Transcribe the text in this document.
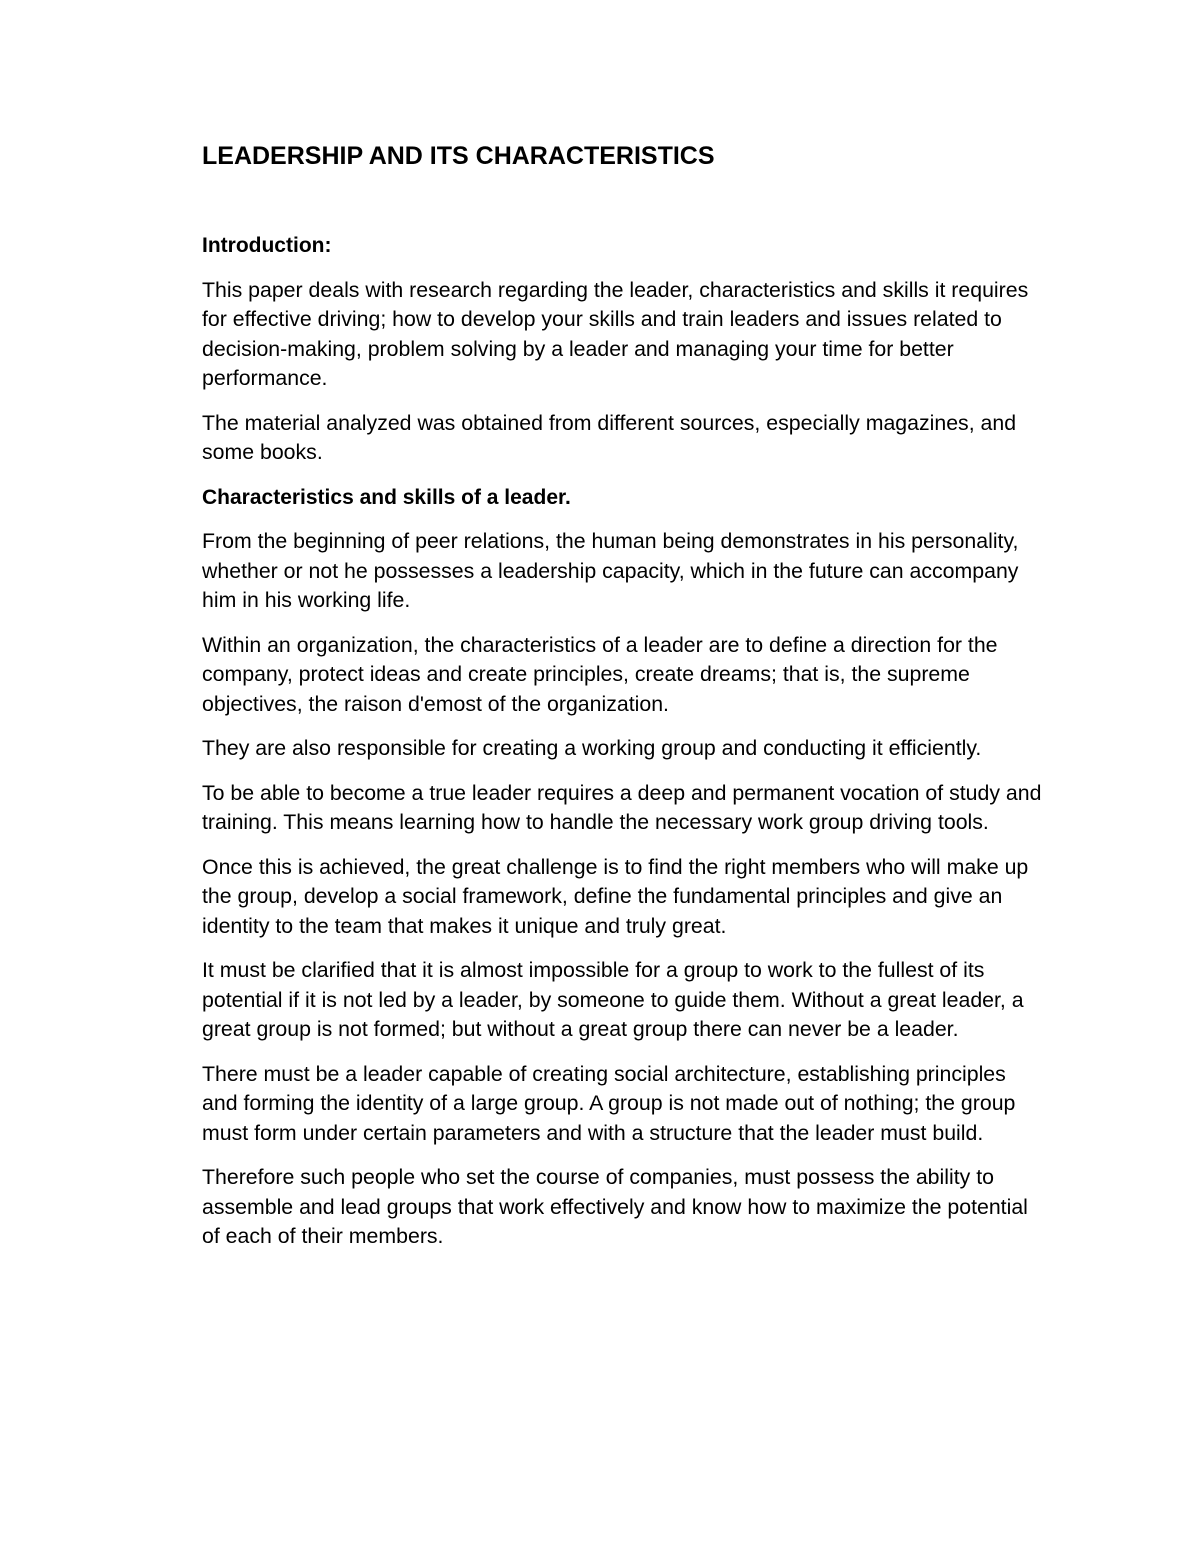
LEADERSHIP AND ITS CHARACTERISTICS
Introduction:

This paper deals with research regarding the leader, characteristics and skills it requires for effective driving; how to develop your skills and train leaders and issues related to decision-making, problem solving by a leader and managing your time for better performance.

The material analyzed was obtained from different sources, especially magazines, and some books.

Characteristics and skills of a leader.

From the beginning of peer relations, the human being demonstrates in his personality, whether or not he possesses a leadership capacity, which in the future can accompany him in his working life.

Within an organization, the characteristics of a leader are to define a direction for the company, protect ideas and create principles, create dreams; that is, the supreme objectives, the raison d'emost of the organization.

They are also responsible for creating a working group and conducting it efficiently.

To be able to become a true leader requires a deep and permanent vocation of study and training. This means learning how to handle the necessary work group driving tools.

Once this is achieved, the great challenge is to find the right members who will make up the group, develop a social framework, define the fundamental principles and give an identity to the team that makes it unique and truly great.

It must be clarified that it is almost impossible for a group to work to the fullest of its potential if it is not led by a leader, by someone to guide them. Without a great leader, a great group is not formed; but without a great group there can never be a leader.

There must be a leader capable of creating social architecture, establishing principles and forming the identity of a large group. A group is not made out of nothing; the group must form under certain parameters and with a structure that the leader must build.

Therefore such people who set the course of companies, must possess the ability to assemble and lead groups that work effectively and know how to maximize the potential of each of their members.
